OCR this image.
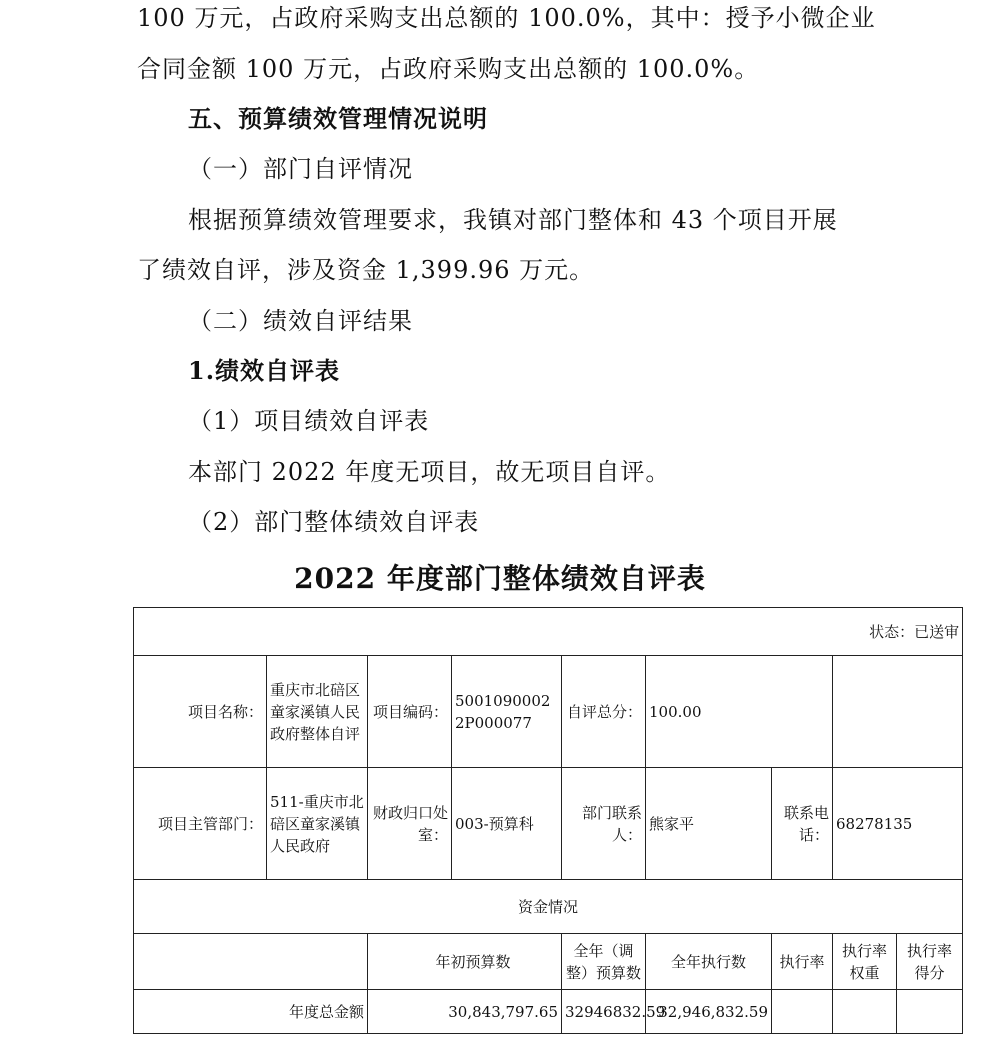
100 万元，占政府采购支出总额的 100.0%，其中：授予小微企业
合同金额 100 万元，占政府采购支出总额的 100.0%。
五、预算绩效管理情况说明
（一）部门自评情况
根据预算绩效管理要求，我镇对部门整体和 43 个项目开展
了绩效自评，涉及资金 1,399.96 万元。
（二）绩效自评结果
1.绩效自评表
（1）项目绩效自评表
本部门 2022 年度无项目，故无项目自评。
（2）部门整体绩效自评表
2022 年度部门整体绩效自评表
状态：已送审								
项目名称：	重庆市北碚区童家溪镇人民政府整体自评	项目编码：	50010900022P000077	自评总分：	100.00			
项目主管部门：	511-重庆市北碚区童家溪镇人民政府	财政归口处室：	003-预算科	部门联系人：	熊家平	联系电话：	68278135	
资金情况								
		年初预算数		全年（调整）预算数	全年执行数	执行率	执行率权重	执行率得分
年度总金额		30,843,797.65		32946832.59	32,946,832.59			
